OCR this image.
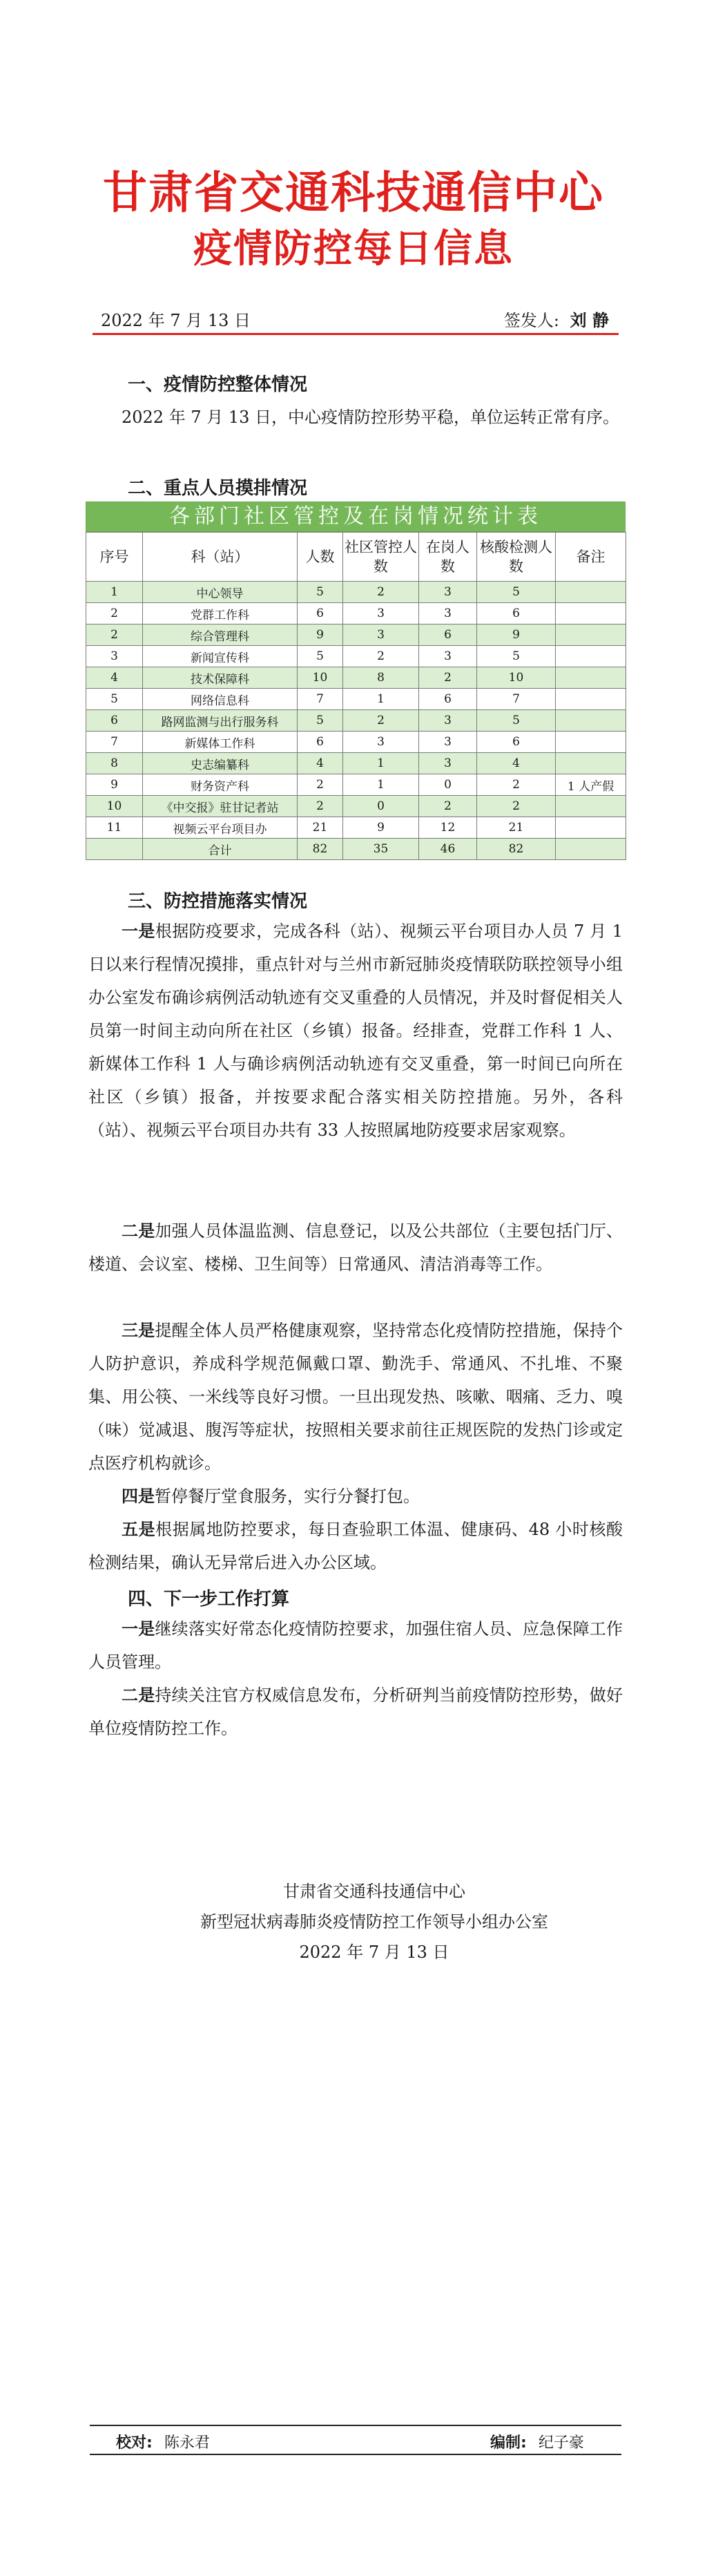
甘肃省交通科技通信中心
疫情防控每日信息
2022 年 7 月 13 日	签发人: 刘 静
一、疫情防控整体情况
2022 年 7 月 13 日，中心疫情防控形势平稳，单位运转正常有序。
二、重点人员摸排情况
各部门社区管控及在岗情况统计表
序号	科（站）	人数	社区管控人数	在岗人数	核酸检测人数	备注
1	中心领导	5	2	3	5	
2	党群工作科	6	3	3	6	
2	综合管理科	9	3	6	9	
3	新闻宣传科	5	2	3	5	
4	技术保障科	10	8	2	10	
5	网络信息科	7	1	6	7	
6	路网监测与出行服务科	5	2	3	5	
7	新媒体工作科	6	3	3	6	
8	史志编纂科	4	1	3	4	
9	财务资产科	2	1	0	2	1 人产假
10	《中交报》驻甘记者站	2	0	2	2	
11	视频云平台项目办	21	9	12	21	
	合计	82	35	46	82	
三、防控措施落实情况
一是根据防疫要求，完成各科（站）、视频云平台项目办人员 7 月 1 日以来行程情况摸排，重点针对与兰州市新冠肺炎疫情联防联控领导小组办公室发布确诊病例活动轨迹有交叉重叠的人员情况，并及时督促相关人员第一时间主动向所在社区（乡镇）报备。经排查，党群工作科 1 人、新媒体工作科 1 人与确诊病例活动轨迹有交叉重叠，第一时间已向所在社区（乡镇）报备，并按要求配合落实相关防控措施。另外，各科（站）、视频云平台项目办共有 33 人按照属地防疫要求居家观察。
二是加强人员体温监测、信息登记，以及公共部位（主要包括门厅、楼道、会议室、楼梯、卫生间等）日常通风、清洁消毒等工作。
三是提醒全体人员严格健康观察，坚持常态化疫情防控措施，保持个人防护意识，养成科学规范佩戴口罩、勤洗手、常通风、不扎堆、不聚集、用公筷、一米线等良好习惯。一旦出现发热、咳嗽、咽痛、乏力、嗅（味）觉减退、腹泻等症状，按照相关要求前往正规医院的发热门诊或定点医疗机构就诊。
四是暂停餐厅堂食服务，实行分餐打包。
五是根据属地防控要求，每日查验职工体温、健康码、48 小时核酸检测结果，确认无异常后进入办公区域。
四、下一步工作打算
一是继续落实好常态化疫情防控要求，加强住宿人员、应急保障工作人员管理。
二是持续关注官方权威信息发布，分析研判当前疫情防控形势，做好单位疫情防控工作。
甘肃省交通科技通信中心
新型冠状病毒肺炎疫情防控工作领导小组办公室
2022 年 7 月 13 日
校对: 陈永君	编制: 纪子豪
